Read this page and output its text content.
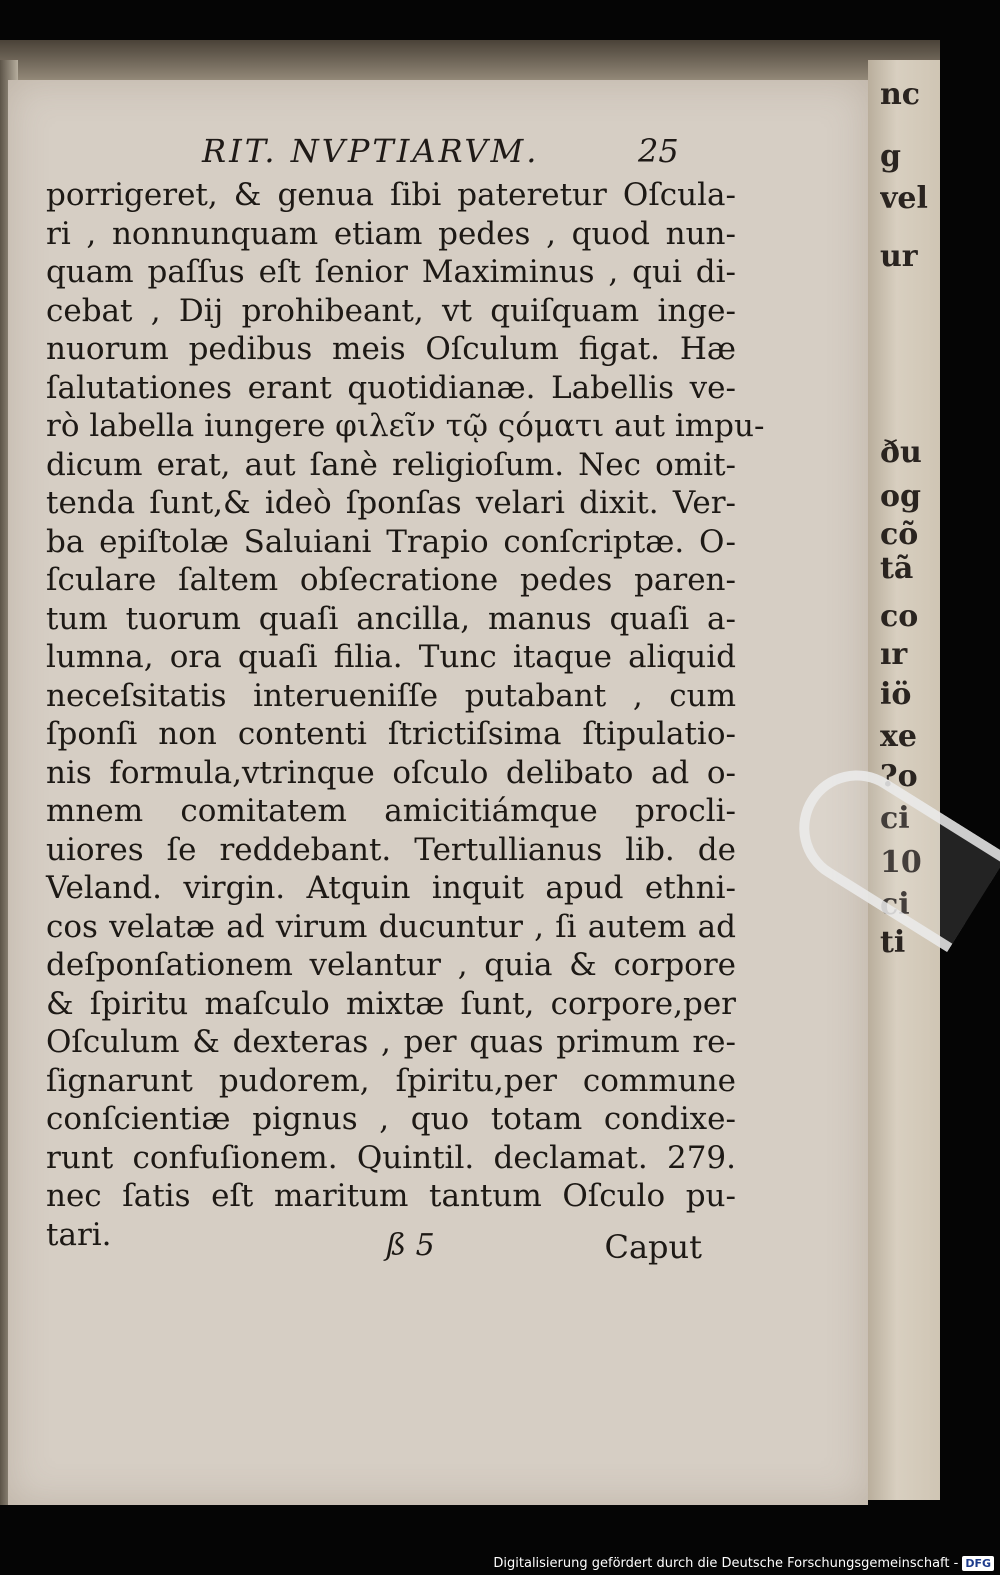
nc
g
vel
ur
ðu
og
cõ
tã
co
ır
iö
xe
?o
ci
10
ci
ti
RIT. NVPTIARVM.	25
porrigeret, & genua ſibi pateretur Oſcula-
ri , nonnunquam etiam pedes , quod nun-
quam paſſus eſt ſenior Maximinus , qui di-
cebat , Dij prohibeant, vt quiſquam inge-
nuorum pedibus meis Oſculum figat. Hæ
ſalutationes erant quotidianæ. Labellis ve-
rò labella iungere φιλεῖν τῷ ςόματι aut impu-
dicum erat, aut ſanè religioſum. Nec omit-
tenda ſunt,& ideò ſponſas velari dixit. Ver-
ba epiſtolæ Saluiani Trapio conſcriptæ. O-
ſculare ſaltem obſecratione pedes paren-
tum tuorum quaſi ancilla, manus quaſi a-
lumna, ora quaſi filia. Tunc itaque aliquid
neceſsitatis interueniſſe putabant , cum
ſponſi non contenti ſtrictiſsima ſtipulatio-
nis formula,vtrinque oſculo delibato ad o-
mnem comitatem amicitiámque procli-
uiores ſe reddebant. Tertullianus lib. de
Veland. virgin. Atquin inquit apud ethni-
cos velatæ ad virum ducuntur , ſi autem ad
deſponſationem velantur , quia & corpore
& ſpiritu maſculo mixtæ ſunt, corpore,per
Oſculum & dexteras , per quas primum re-
ſignarunt pudorem, ſpiritu,per commune
conſcientiæ pignus , quo totam condixe-
runt confuſionem. Quintil. declamat. 279.
nec ſatis eſt maritum tantum Oſculo pu-
tari.	ß 5	Caput
Digitalisierung gefördert durch die Deutsche Forschungsgemeinschaft - DFG
